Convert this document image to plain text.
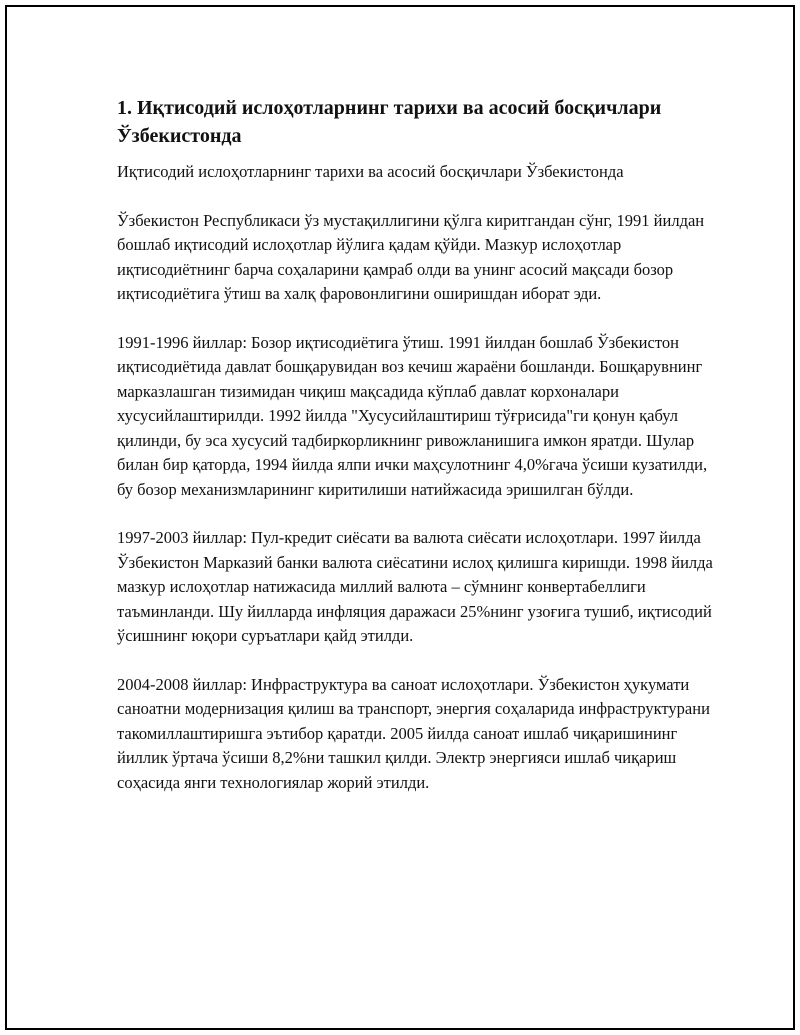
1. Иқтисодий ислоҳотларнинг тарихи ва асосий босқичлари Ўзбекистонда
Иқтисодий ислоҳотларнинг тарихи ва асосий босқичлари Ўзбекистонда
Ўзбекистон Республикаси ўз мустақиллигини қўлга киритгандан сўнг, 1991 йилдан бошлаб иқтисодий ислоҳотлар йўлига қадам қўйди. Мазкур ислоҳотлар иқтисодиётнинг барча соҳаларини қамраб олди ва унинг асосий мақсади бозор иқтисодиётига ўтиш ва халқ фаровонлигини оширишдан иборат эди.
1991-1996 йиллар: Бозор иқтисодиётига ўтиш. 1991 йилдан бошлаб Ўзбекистон иқтисодиётида давлат бошқарувидан воз кечиш жараёни бошланди. Бошқарувнинг марказлашган тизимидан чиқиш мақсадида кўплаб давлат корхоналари хусусийлаштирилди. 1992 йилда "Хусусийлаштириш тўғрисида"ги қонун қабул қилинди, бу эса хусусий тадбиркорликнинг ривожланишига имкон яратди. Шулар билан бир қаторда, 1994 йилда ялпи ички маҳсулотнинг 4,0%гача ўсиши кузатилди, бу бозор механизмларининг киритилиши натийжасида эришилган бўлди.
1997-2003 йиллар: Пул-кредит сиёсати ва валюта сиёсати ислоҳотлари. 1997 йилда Ўзбекистон Марказий банки валюта сиёсатини ислоҳ қилишга киришди. 1998 йилда мазкур ислоҳотлар натижасида миллий валюта – сўмнинг конвертабеллиги таъминланди. Шу йилларда инфляция даражаси 25%нинг узоғига тушиб, иқтисодий ўсишнинг юқори суръатлари қайд этилди.
2004-2008 йиллар: Инфраструктура ва саноат ислоҳотлари. Ўзбекистон ҳукумати саноатни модернизация қилиш ва транспорт, энергия соҳаларида инфраструктурани такомиллаштиришга эътибор қаратди. 2005 йилда саноат ишлаб чиқаришининг йиллик ўртача ўсиши 8,2%ни ташкил қилди. Электр энергияси ишлаб чиқариш соҳасида янги технологиялар жорий этилди.
